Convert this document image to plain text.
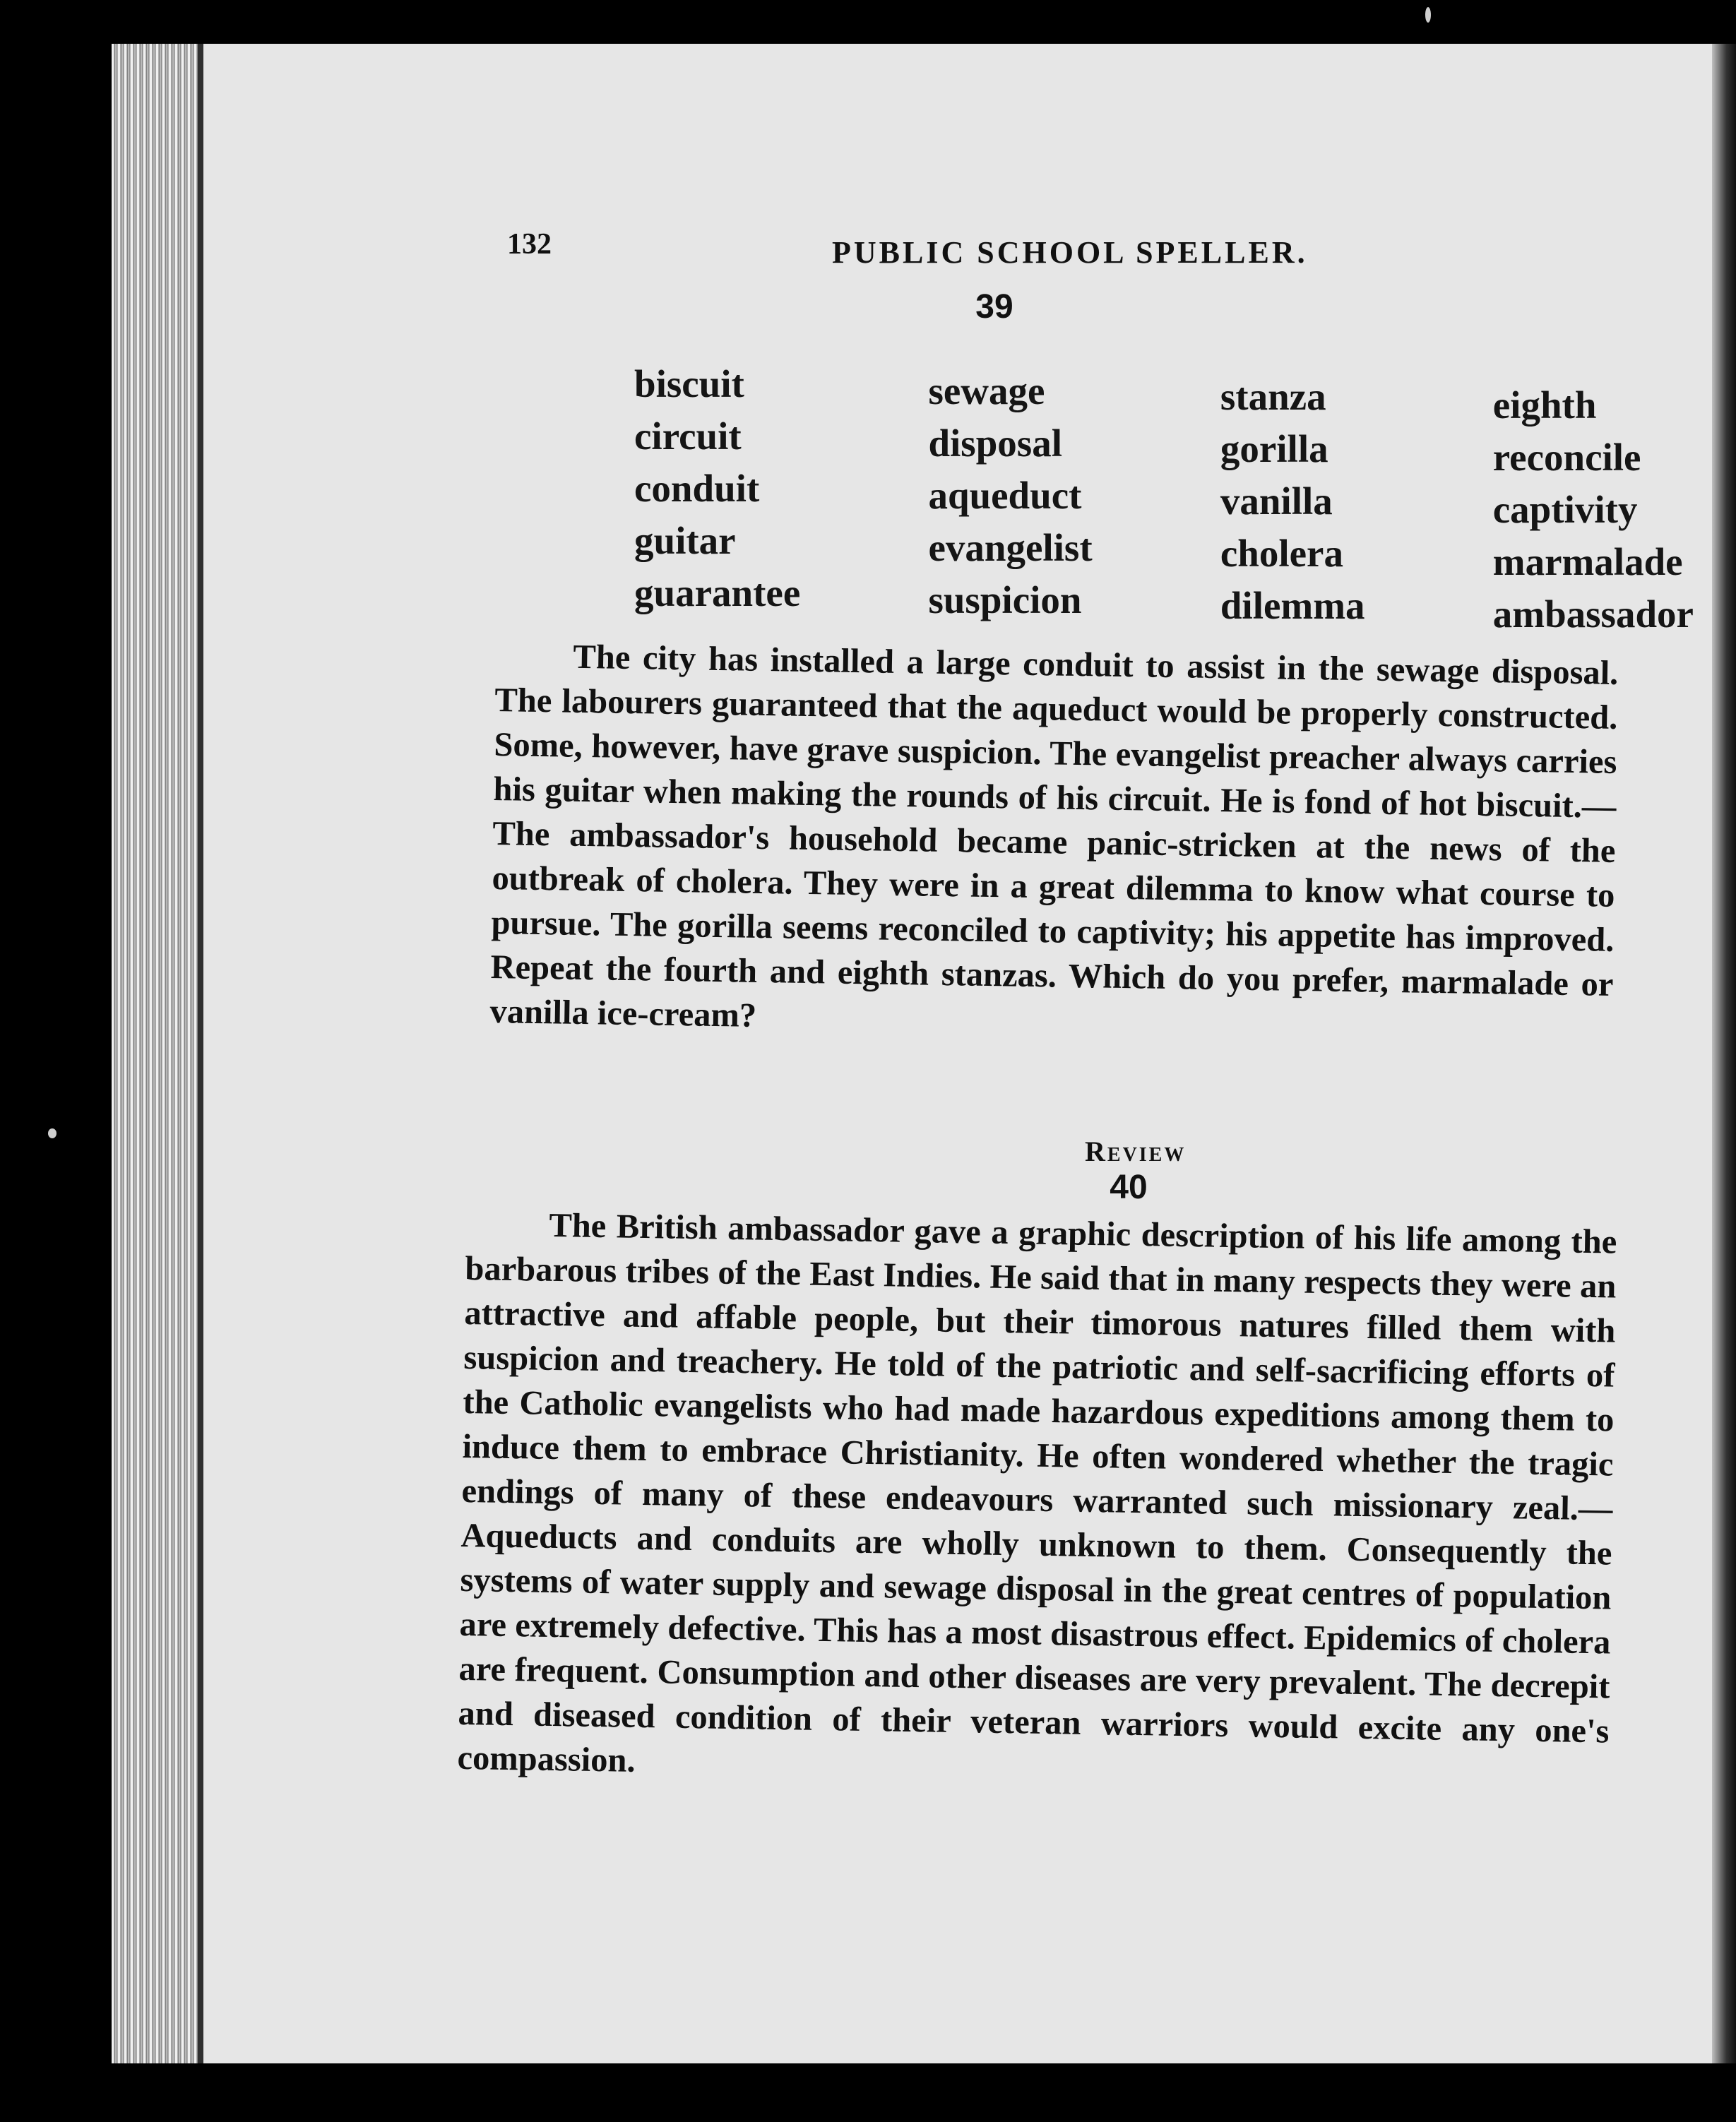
132	PUBLIC SCHOOL SPELLER.
39
biscuit
circuit
conduit
guitar
guarantee
sewage
disposal
aqueduct
evangelist
suspicion
stanza
gorilla
vanilla
cholera
dilemma
eighth
reconcile
captivity
marmalade
ambassador

The city has installed a large conduit to assist in the sewage disposal. The labourers guaranteed that the aqueduct would be properly constructed. Some, however, have grave suspicion. The evangelist preacher always carries his guitar when making the rounds of his circuit. He is fond of hot biscuit.—The ambassador's household became panic-stricken at the news of the outbreak of cholera. They were in a great dilemma to know what course to pursue. The gorilla seems reconciled to captivity; his appetite has improved. Repeat the fourth and eighth stanzas. Which do you prefer, marmalade or vanilla ice-cream?

Review
40

The British ambassador gave a graphic description of his life among the barbarous tribes of the East Indies. He said that in many respects they were an attractive and affable people, but their timorous natures filled them with suspicion and treachery. He told of the patriotic and self-sacrificing efforts of the Catholic evangelists who had made hazardous expeditions among them to induce them to embrace Christianity. He often wondered whether the tragic endings of many of these endeavours warranted such missionary zeal.—Aqueducts and conduits are wholly unknown to them. Consequently the systems of water supply and sewage disposal in the great centres of population are extremely defective. This has a most disastrous effect. Epidemics of cholera are frequent. Consumption and other diseases are very prevalent. The decrepit and diseased condition of their veteran warriors would excite any one's compassion.
